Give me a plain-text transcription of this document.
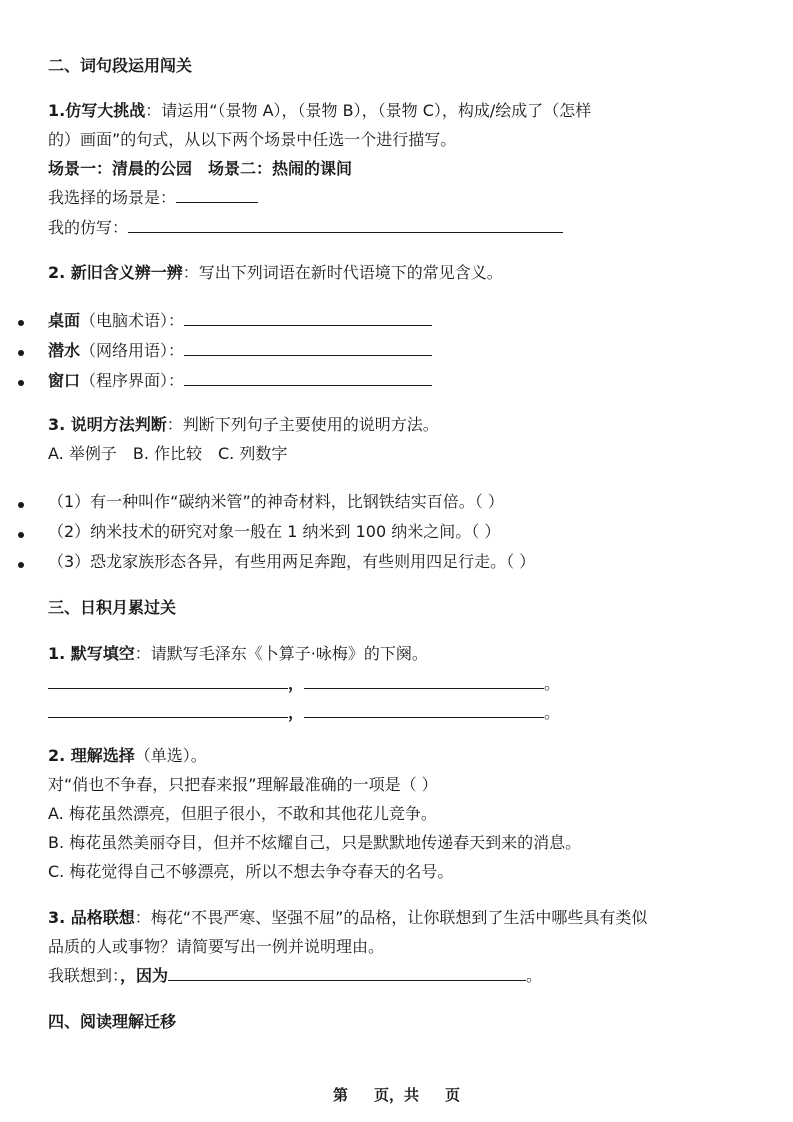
二、词句段运用闯关
1.仿写大挑战：请运用“（景物 A），（景物 B），（景物 C），构成/绘成了（怎样
的）画面”的句式，从以下两个场景中任选一个进行描写。
场景一：清晨的公园　场景二：热闹的课间
我选择的场景是：
我的仿写：
2. 新旧含义辨一辨：写出下列词语在新时代语境下的常见含义。
桌面（电脑术语）：
潜水（网络用语）：
窗口（程序界面）：
3. 说明方法判断：判断下列句子主要使用的说明方法。
A. 举例子　B. 作比较　C. 列数字
（1）有一种叫作“碳纳米管”的神奇材料，比钢铁结实百倍。（ ）
（2）纳米技术的研究对象一般在 1 纳米到 100 纳米之间。（ ）
（3）恐龙家族形态各异，有些用两足奔跑，有些则用四足行走。（ ）
三、日积月累过关
1. 默写填空：请默写毛泽东《卜算子·咏梅》的下阕。
，	。
，	。
2. 理解选择（单选）。
对“俏也不争春，只把春来报”理解最准确的一项是（ ）
A. 梅花虽然漂亮，但胆子很小，不敢和其他花儿竞争。
B. 梅花虽然美丽夺目，但并不炫耀自己，只是默默地传递春天到来的消息。
C. 梅花觉得自己不够漂亮，所以不想去争夺春天的名号。
3. 品格联想：梅花“不畏严寒、坚强不屈”的品格，让你联想到了生活中哪些具有类似
品质的人或事物？请简要写出一例并说明理由。
我联想到：，因为	。
四、阅读理解迁移
第 页，共 页
